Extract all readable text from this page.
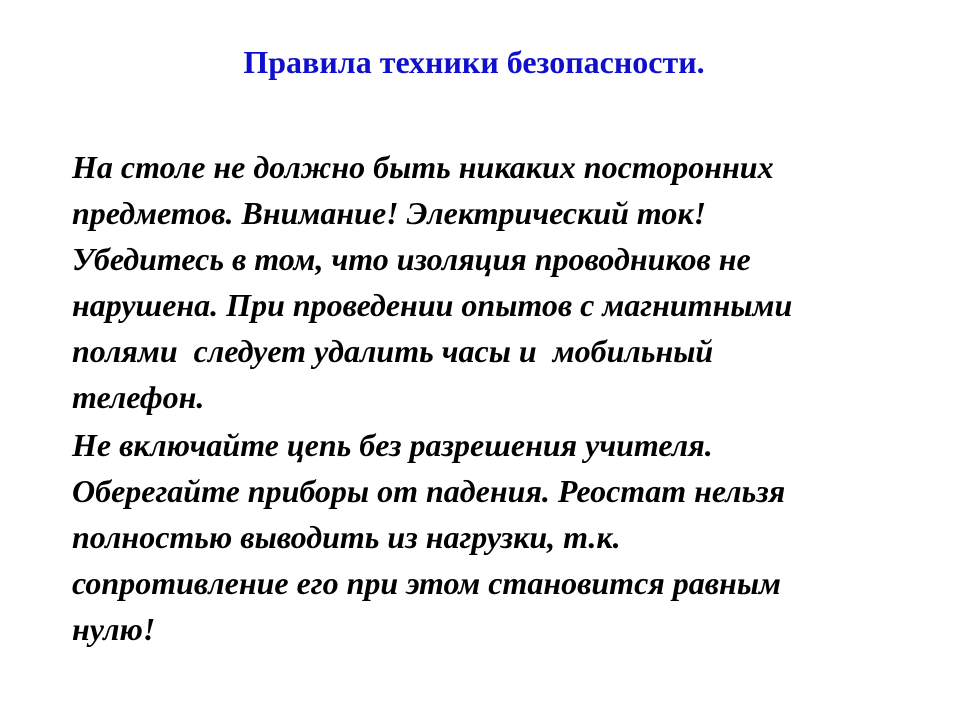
Правила техники безопасности.
На столе не должно быть никаких посторонних
предметов. Внимание! Электрический ток!
Убедитесь в том, что изоляция проводников не
нарушена. При проведении опытов с магнитными
полями  следует удалить часы и  мобильный
телефон.
Не включайте цепь без разрешения учителя.
Оберегайте приборы от падения. Реостат нельзя
полностью выводить из нагрузки, т.к.
сопротивление его при этом становится равным
нулю!
